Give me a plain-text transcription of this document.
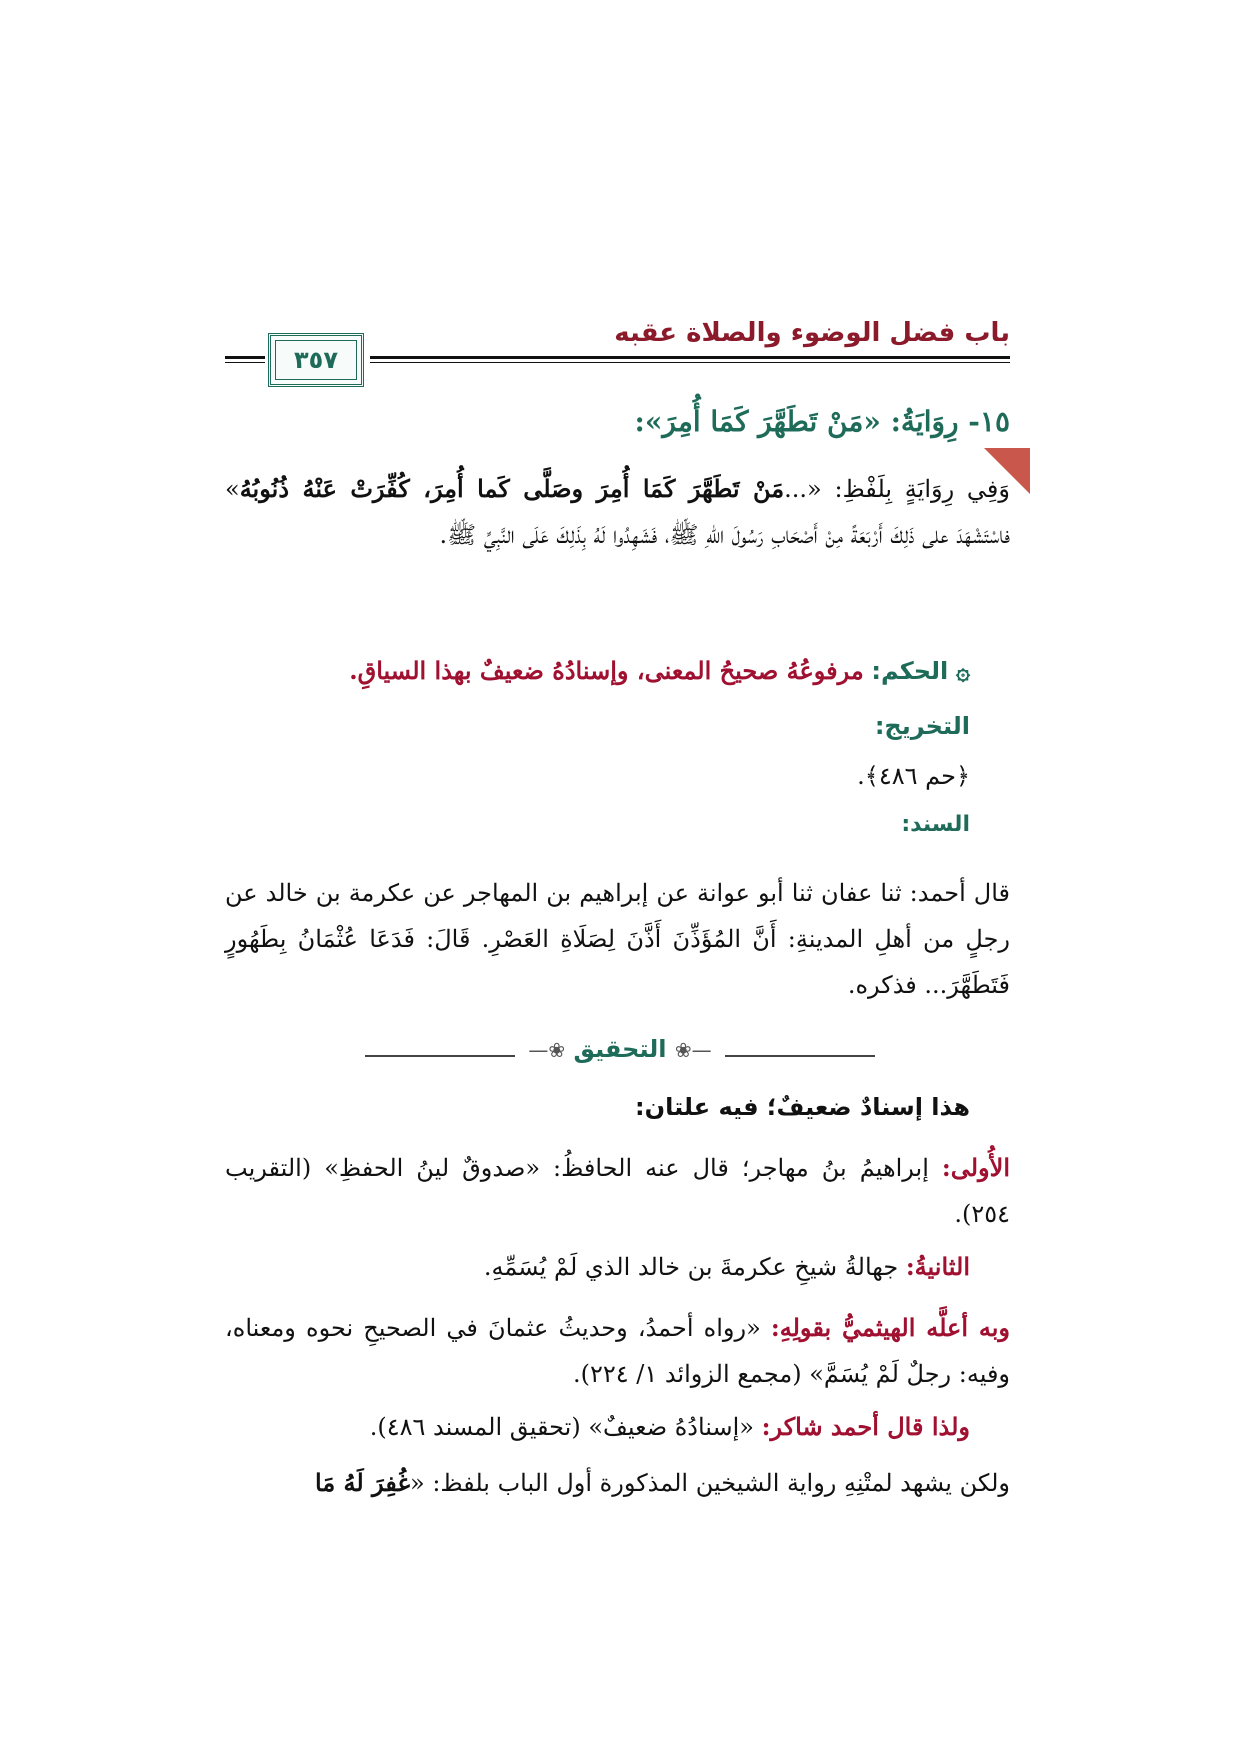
باب فضل الوضوء والصلاة عقبه
٣٥٧
١٥- رِوَايَةُ: «مَنْ تَطَهَّرَ كَمَا أُمِرَ»:
وَفِي رِوَايَةٍ بِلَفْظِ: «...مَنْ تَطَهَّرَ كَمَا أُمِرَ وصَلَّى كَما أُمِرَ، كُفِّرَتْ عَنْهُ ذُنُوبُهُ» فاسْتَشْهَدَ على ذَلِكَ أَرْبَعَةً مِنْ أَصْحَابِ رَسُولَ اللهِ ﷺ، فَشَهِدُوا لَهُ بِذَلِكَ عَلَى النَّبِيِّ ﷺ.
۞ الحكم: مرفوعُهُ صحيحُ المعنى، وإسنادُهُ ضعيفٌ بهذا السياقِ.
التخريج:
﴿حم ٤٨٦﴾.
السند:
قال أحمد: ثنا عفان ثنا أبو عوانة عن إبراهيم بن المهاجر عن عكرمة بن خالد عن رجلٍ من أهلِ المدينةِ: أَنَّ المُؤَذِّنَ أَذَّنَ لِصَلَاةِ العَصْرِ. قَالَ: فَدَعَا عُثْمَانُ بِطَهُورٍ فَتَطَهَّرَ... فذكره.
—❀ التحقيق ❀—
هذا إسنادٌ ضعيفٌ؛ فيه علتان:
الأُولى: إبراهيمُ بنُ مهاجر؛ قال عنه الحافظُ: «صدوقٌ لينُ الحفظِ» (التقريب ٢٥٤).
الثانيةُ: جهالةُ شيخِ عكرمةَ بن خالد الذي لَمْ يُسَمِّهِ.
وبه أعلَّه الهيثميُّ بقولِهِ: «رواه أحمدُ، وحديثُ عثمانَ في الصحيحِ نحوه ومعناه، وفيه: رجلٌ لَمْ يُسَمَّ» (مجمع الزوائد ١/ ٢٢٤).
ولذا قال أحمد شاكر: «إسنادُهُ ضعيفٌ» (تحقيق المسند ٤٨٦).
ولكن يشهد لمتْنِهِ رواية الشيخين المذكورة أول الباب بلفظ: «غُفِرَ لَهُ مَا
